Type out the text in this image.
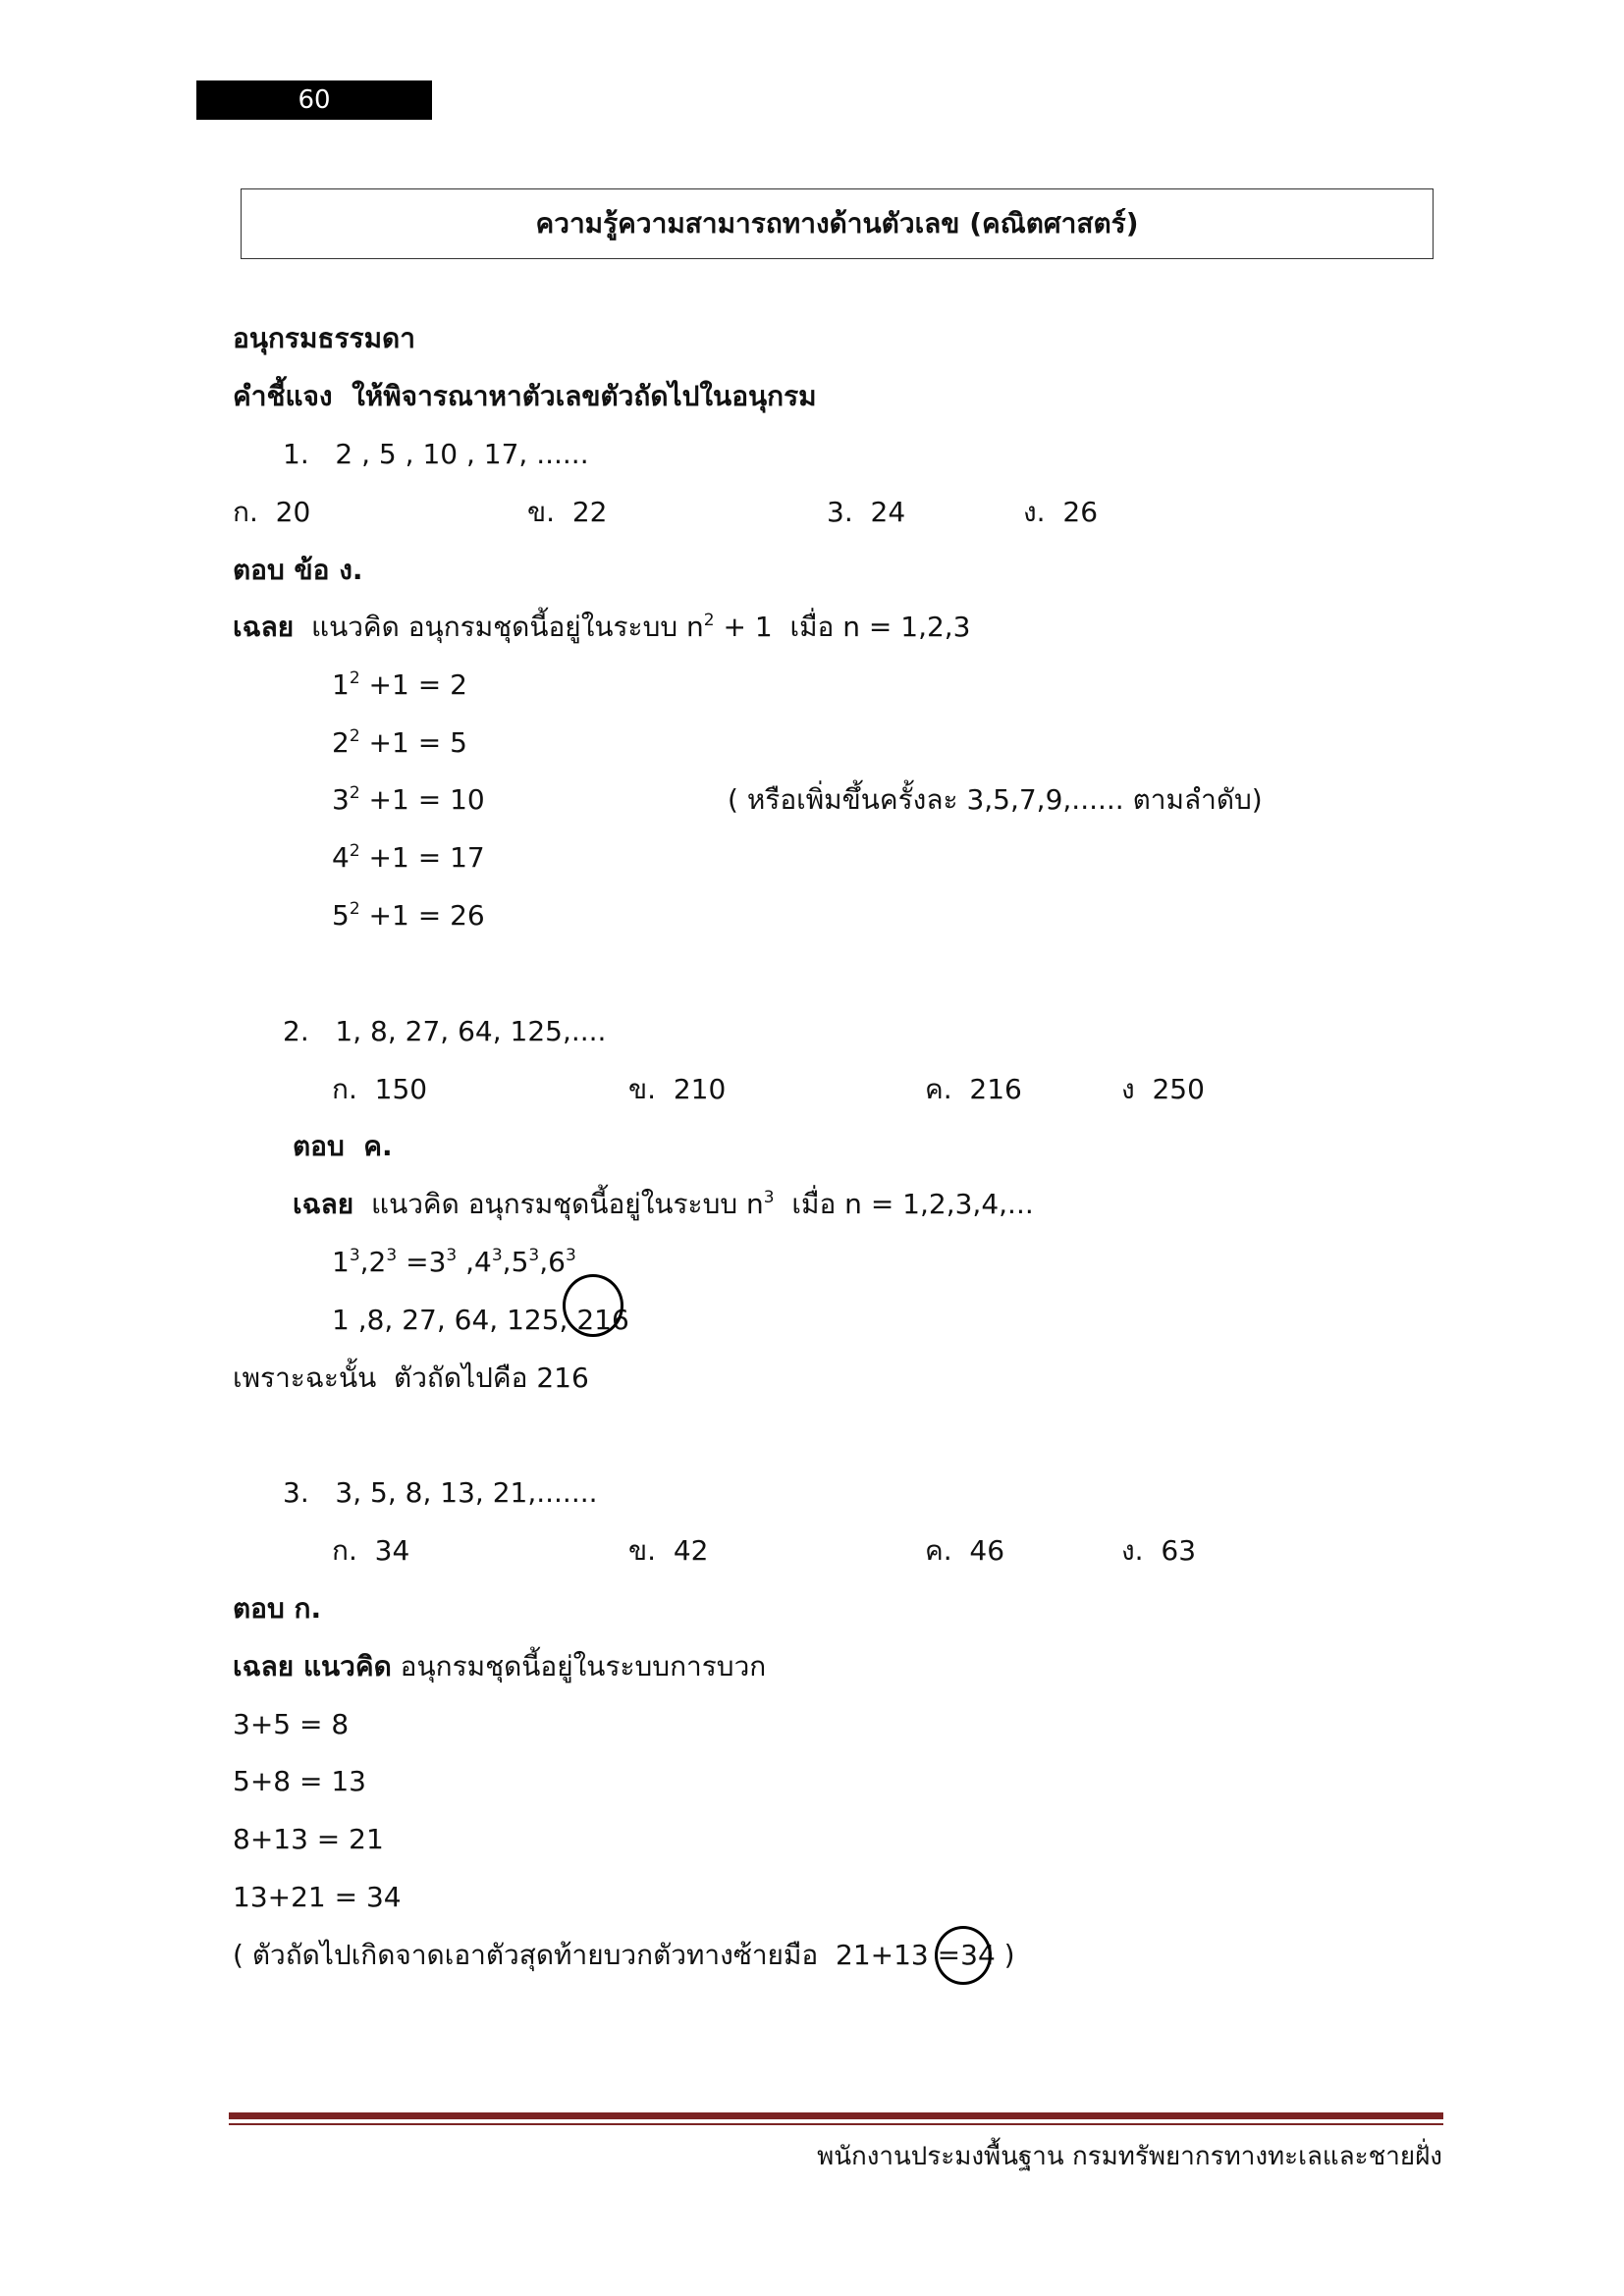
60
ความรู้ความสามารถทางด้านตัวเลข (คณิตศาสตร์)
อนุกรมธรรมดา
คำชี้แจง  ให้พิจารณาหาตัวเลขตัวถัดไปในอนุกรม
1.   2 , 5 , 10 , 17, ......
ก.  20	ข.  22	3.  24	ง.  26
ตอบ ข้อ ง.
เฉลย  แนวคิด อนุกรมชุดนี้อยู่ในระบบ $n^2 + 1$  เมื่อ n = 1,2,3
$1^2 +1 = 2$
$2^2 +1 = 5$
$3^2 +1 = 10$	( หรือเพิ่มขึ้นครั้งละ 3,5,7,9,...... ตามลำดับ)
$4^2 +1 = 17$
$5^2 +1 = 26$
2.   1, 8, 27, 64, 125,....
ก.  150	ข.  210	ค.  216	ง  250
ตอบ  ค.
เฉลย  แนวคิด อนุกรมชุดนี้อยู่ในระบบ $n^3$  เมื่อ n = 1,2,3,4,...
$1^3,2^3 =3^3$ $,4^3,5^3,6^3$
1 ,8, 27, 64, 125, 216
เพราะฉะนั้น  ตัวถัดไปคือ 216
3.   3, 5, 8, 13, 21,.......
ก.  34	ข.  42	ค.  46	ง.  63
ตอบ ก.
เฉลย แนวคิด อนุกรมชุดนี้อยู่ในระบบการบวก
3+5 = 8
5+8 = 13
8+13 = 21
13+21 = 34
( ตัวถัดไปเกิดจาดเอาตัวสุดท้ายบวกตัวทางซ้ายมือ  21+13 =34 )
พนักงานประมงพื้นฐาน กรมทรัพยากรทางทะเลและชายฝั่ง
